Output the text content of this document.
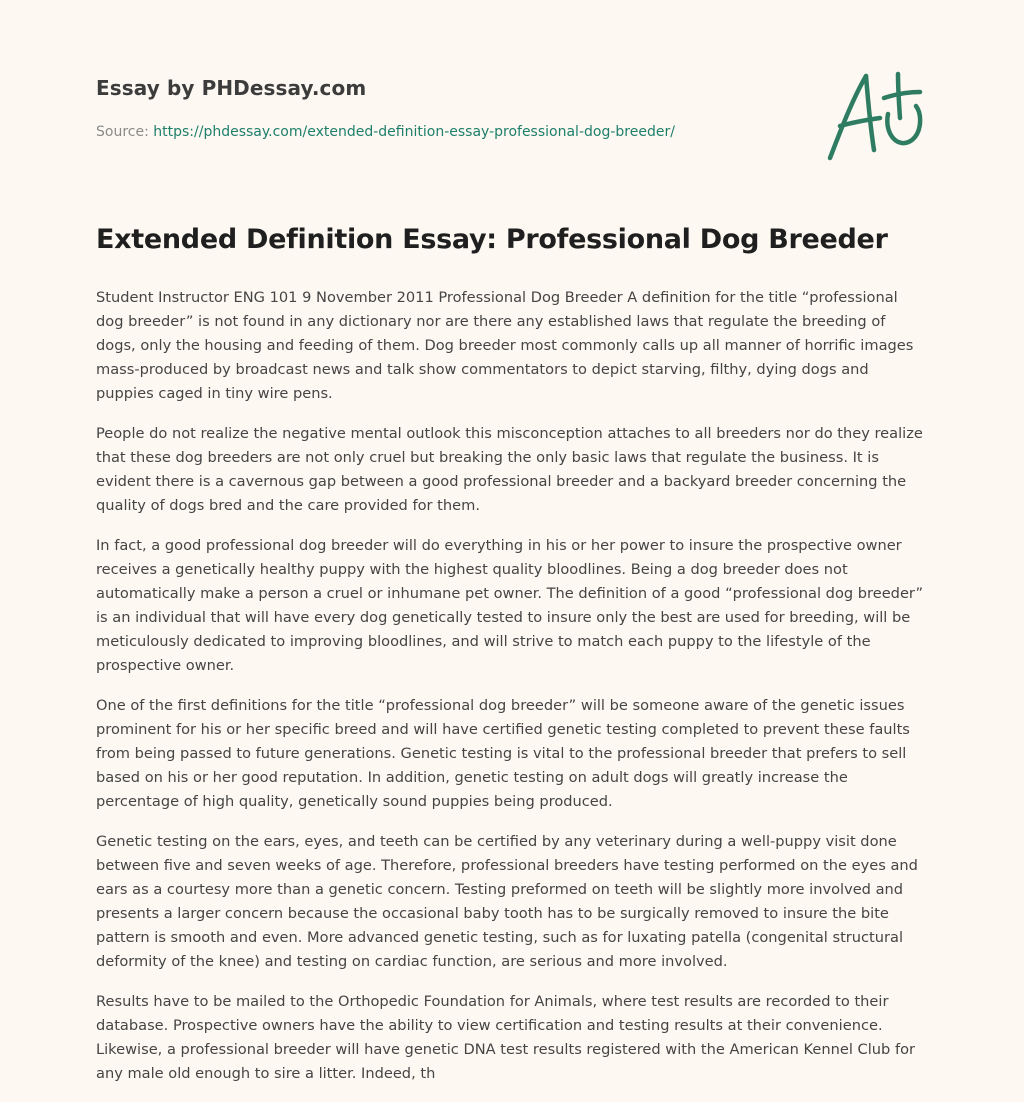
Essay by PHDessay.com
Source: https://phdessay.com/extended-definition-essay-professional-dog-breeder/
Extended Definition Essay: Professional Dog Breeder

Student Instructor ENG 101 9 November 2011 Professional Dog Breeder A definition for the title “professional dog breeder” is not found in any dictionary nor are there any established laws that regulate the breeding of dogs, only the housing and feeding of them. Dog breeder most commonly calls up all manner of horrific images mass-produced by broadcast news and talk show commentators to depict starving, filthy, dying dogs and puppies caged in tiny wire pens.

People do not realize the negative mental outlook this misconception attaches to all breeders nor do they realize that these dog breeders are not only cruel but breaking the only basic laws that regulate the business. It is evident there is a cavernous gap between a good professional breeder and a backyard breeder concerning the quality of dogs bred and the care provided for them.

In fact, a good professional dog breeder will do everything in his or her power to insure the prospective owner receives a genetically healthy puppy with the highest quality bloodlines. Being a dog breeder does not automatically make a person a cruel or inhumane pet owner. The definition of a good “professional dog breeder” is an individual that will have every dog genetically tested to insure only the best are used for breeding, will be meticulously dedicated to improving bloodlines, and will strive to match each puppy to the lifestyle of the prospective owner.

One of the first definitions for the title “professional dog breeder” will be someone aware of the genetic issues prominent for his or her specific breed and will have certified genetic testing completed to prevent these faults from being passed to future generations. Genetic testing is vital to the professional breeder that prefers to sell based on his or her good reputation. In addition, genetic testing on adult dogs will greatly increase the percentage of high quality, genetically sound puppies being produced.

Genetic testing on the ears, eyes, and teeth can be certified by any veterinary during a well-puppy visit done between five and seven weeks of age. Therefore, professional breeders have testing performed on the eyes and ears as a courtesy more than a genetic concern. Testing preformed on teeth will be slightly more involved and presents a larger concern because the occasional baby tooth has to be surgically removed to insure the bite pattern is smooth and even. More advanced genetic testing, such as for luxating patella (congenital structural deformity of the knee) and testing on cardiac function, are serious and more involved.

Results have to be mailed to the Orthopedic Foundation for Animals, where test results are recorded to their database. Prospective owners have the ability to view certification and testing results at their convenience. Likewise, a professional breeder will have genetic DNA test results registered with the American Kennel Club for any male old enough to sire a litter. Indeed, th
